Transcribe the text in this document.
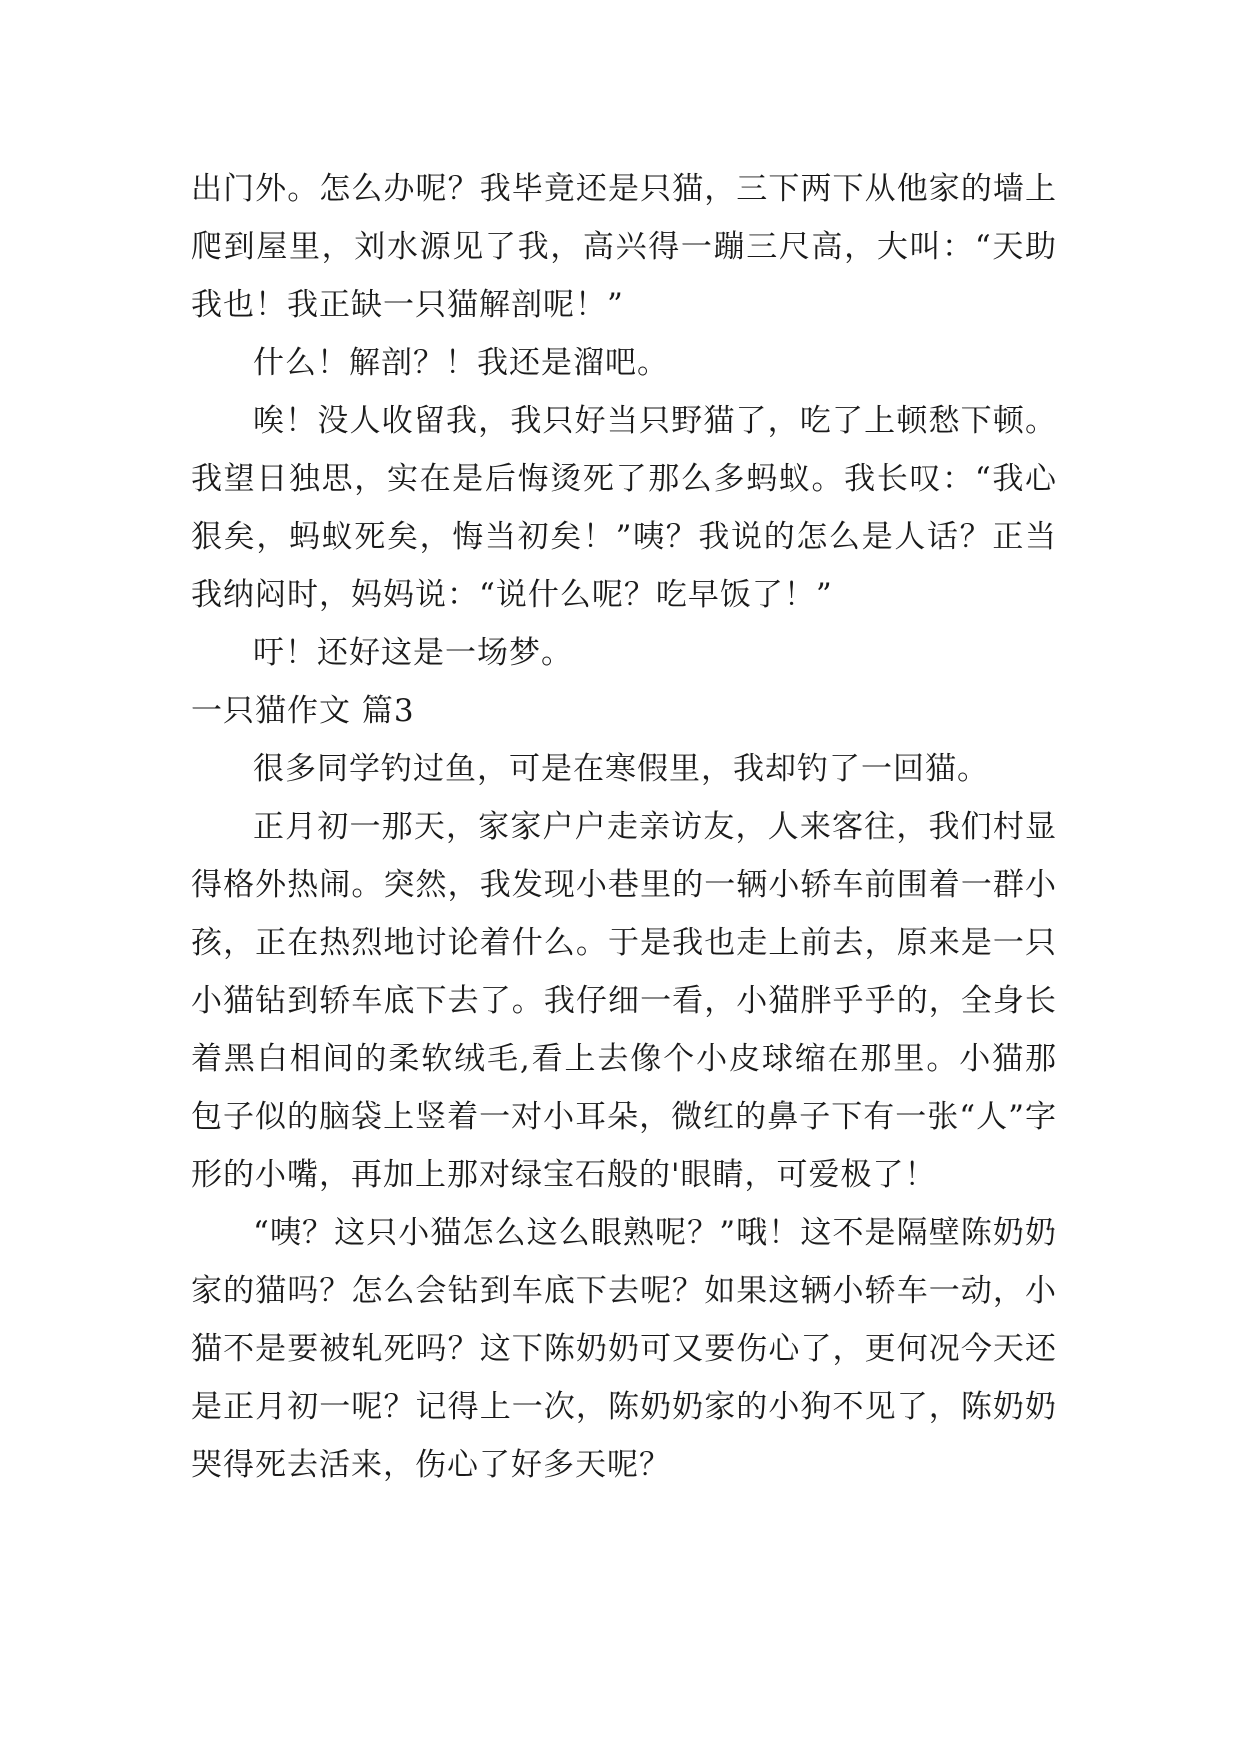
出门外。怎么办呢？我毕竟还是只猫，三下两下从他家的墙上爬到屋里，刘水源见了我，高兴得一蹦三尺高，大叫：“天助我也！我正缺一只猫解剖呢！”

什么！解剖？！我还是溜吧。

唉！没人收留我，我只好当只野猫了，吃了上顿愁下顿。我望日独思，实在是后悔烫死了那么多蚂蚁。我长叹：“我心狠矣，蚂蚁死矣，悔当初矣！”咦？我说的怎么是人话？正当我纳闷时，妈妈说：“说什么呢？吃早饭了！”

吁！还好这是一场梦。

一只猫作文 篇3

很多同学钓过鱼，可是在寒假里，我却钓了一回猫。

正月初一那天，家家户户走亲访友，人来客往，我们村显得格外热闹。突然，我发现小巷里的一辆小轿车前围着一群小孩，正在热烈地讨论着什么。于是我也走上前去，原来是一只小猫钻到轿车底下去了。我仔细一看，小猫胖乎乎的，全身长着黑白相间的柔软绒毛,看上去像个小皮球缩在那里。小猫那包子似的脑袋上竖着一对小耳朵，微红的鼻子下有一张“人”字形的小嘴，再加上那对绿宝石般的'眼睛，可爱极了！

“咦？这只小猫怎么这么眼熟呢？”哦！这不是隔壁陈奶奶家的猫吗？怎么会钻到车底下去呢？如果这辆小轿车一动，小猫不是要被轧死吗？这下陈奶奶可又要伤心了，更何况今天还是正月初一呢？记得上一次，陈奶奶家的小狗不见了，陈奶奶哭得死去活来，伤心了好多天呢？
